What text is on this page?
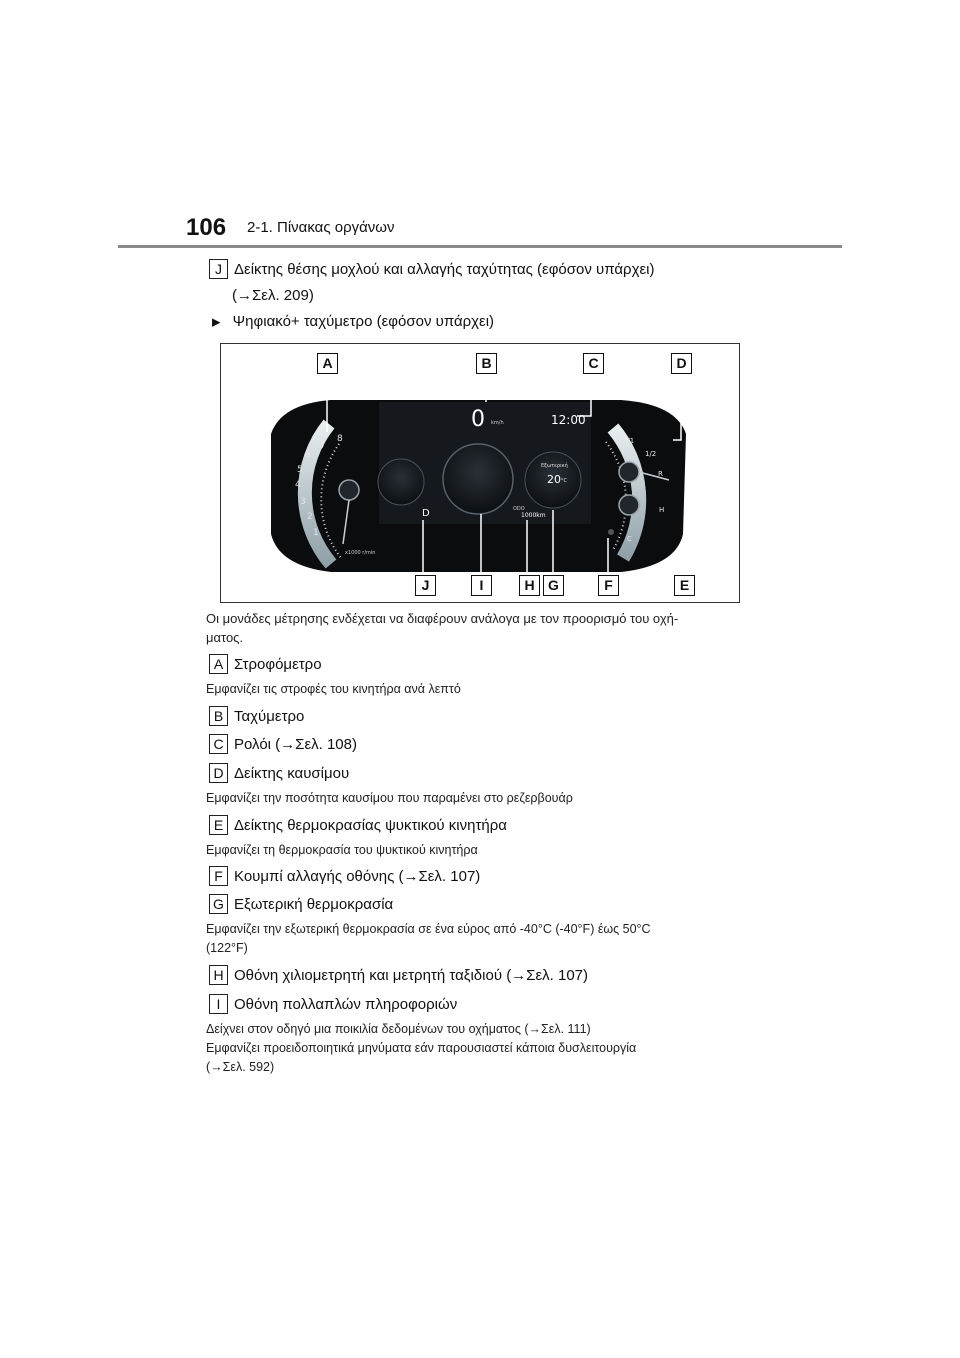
106 2-1. Πίνακας οργάνων
J Δείκτης θέσης μοχλού και αλλαγής ταχύτητας (εφόσον υπάρχει)
(→Σελ. 209)
▶ Ψηφιακό+ ταχύμετρο (εφόσον υπάρχει)
1
2
3
4
5
6
7
8
x1000 r/min
0 km/h	12:00
Εξωτερική
20 °C
ODO
1000km
D
1/1
1/2
R
H
C
A	B	C	D
J	I	H G	F	E
Οι μονάδες μέτρησης ενδέχεται να διαφέρουν ανάλογα με τον προορισμό του οχή-
ματος.
A Στροφόμετρο
Εμφανίζει τις στροφές του κινητήρα ανά λεπτό
B Ταχύμετρο
C Ρολόι (→Σελ. 108)
D Δείκτης καυσίμου
Εμφανίζει την ποσότητα καυσίμου που παραμένει στο ρεζερβουάρ
E Δείκτης θερμοκρασίας ψυκτικού κινητήρα
Εμφανίζει τη θερμοκρασία του ψυκτικού κινητήρα
F Κουμπί αλλαγής οθόνης (→Σελ. 107)
G Εξωτερική θερμοκρασία
Εμφανίζει την εξωτερική θερμοκρασία σε ένα εύρος από -40°C (-40°F) έως 50°C
(122°F)
H Οθόνη χιλιομετρητή και μετρητή ταξιδιού (→Σελ. 107)
I Οθόνη πολλαπλών πληροφοριών
Δείχνει στον οδηγό μια ποικιλία δεδομένων του οχήματος (→Σελ. 111)
Εμφανίζει προειδοποιητικά μηνύματα εάν παρουσιαστεί κάποια δυσλειτουργία
(→Σελ. 592)
